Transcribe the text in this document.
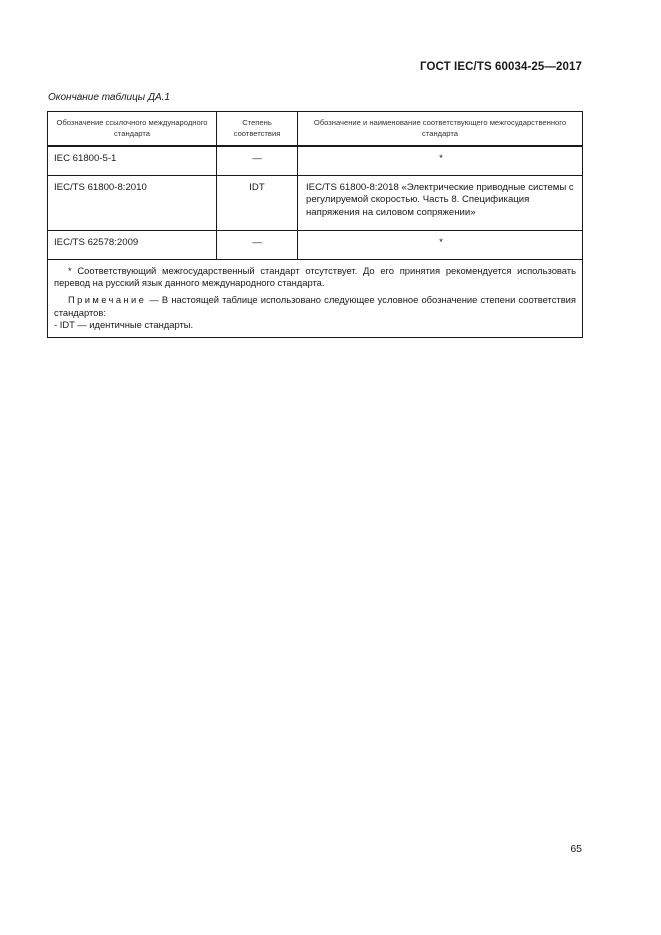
ГОСТ IEC/TS 60034-25—2017
Окончание таблицы ДА.1
Обозначение ссылочного международного стандарта	Степень соответствия	Обозначение и наименование соответствующего межгосударственного стандарта
IEC 61800-5-1	—	*
IEC/TS 61800-8:2010	IDT	IEC/TS 61800-8:2018 «Электрические приводные системы с регулируемой скоростью. Часть 8. Спецификация напряжения на силовом сопряжении»
IEC/TS 62578:2009	—	*

* Соответствующий межгосударственный стандарт отсутствует. До его принятия рекомендуется использовать перевод на русский язык данного международного стандарта.

Примечание — В настоящей таблице использовано следующее условное обозначение степени соответствия стандартов:

- IDT — идентичные стандарты.		

65
